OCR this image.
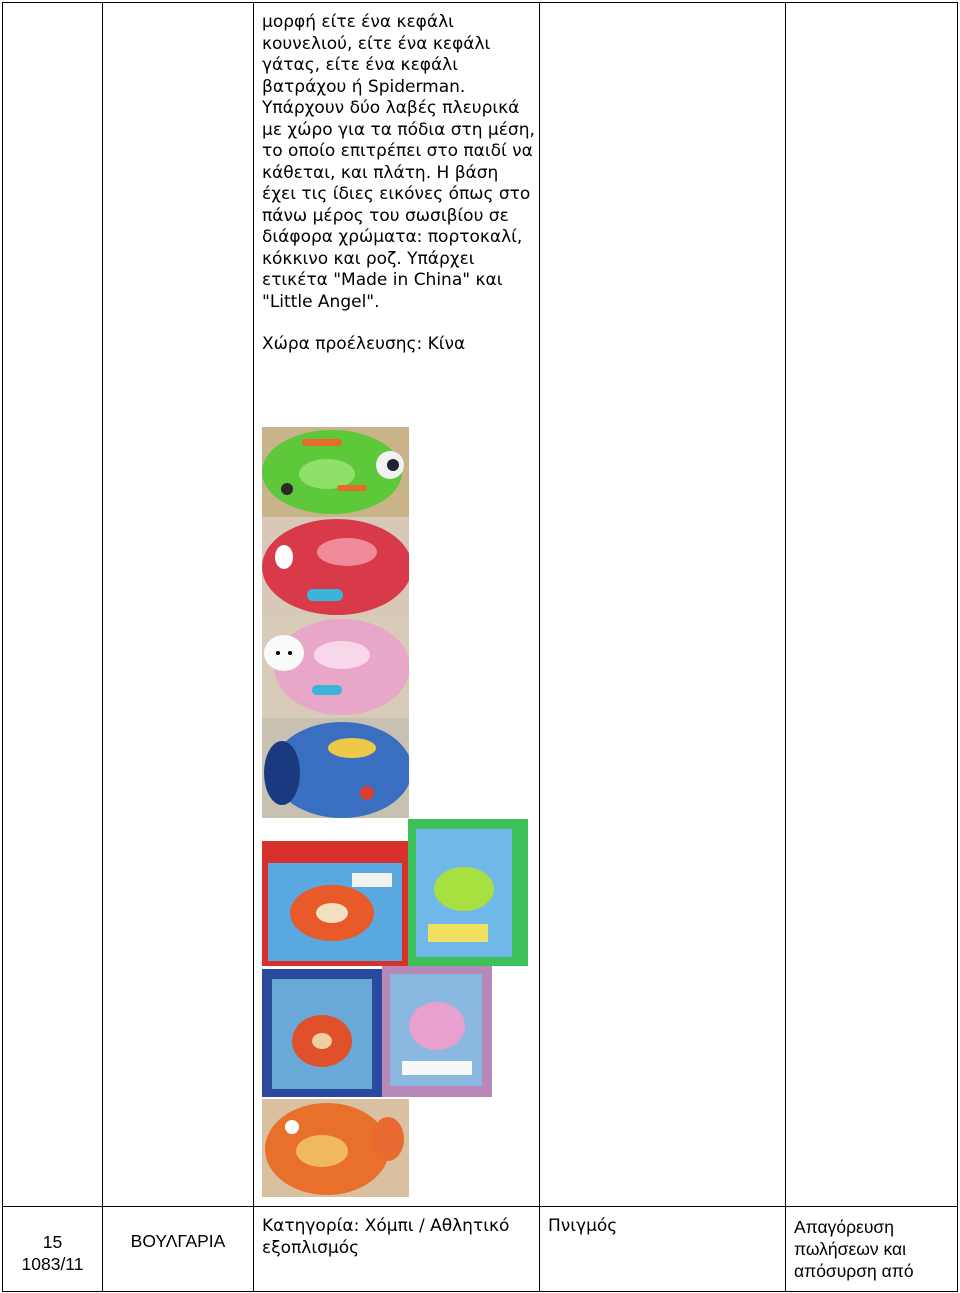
μορφή είτε ένα κεφάλι κουνελιού, είτε ένα κεφάλι γάτας, είτε ένα κεφάλι βατράχου ή Spiderman. Υπάρχουν δύο λαβές πλευρικά με χώρο για τα πόδια στη μέση, το οποίο επιτρέπει στο παιδί να κάθεται, και πλάτη. Η βάση έχει τις ίδιες εικόνες όπως στο πάνω μέρος του σωσιβίου σε διάφορα χρώματα: πορτοκαλί, κόκκινο και ροζ. Υπάρχει ετικέτα "Made in China" και "Little Angel".

Χώρα προέλευσης: Κίνα

15
1083/11
ΒΟΥΛΓΑΡΙΑ
Κατηγορία: Χόμπι / Αθλητικό εξοπλισμός
Πνιγμός	Απαγόρευση πωλήσεων και απόσυρση από
